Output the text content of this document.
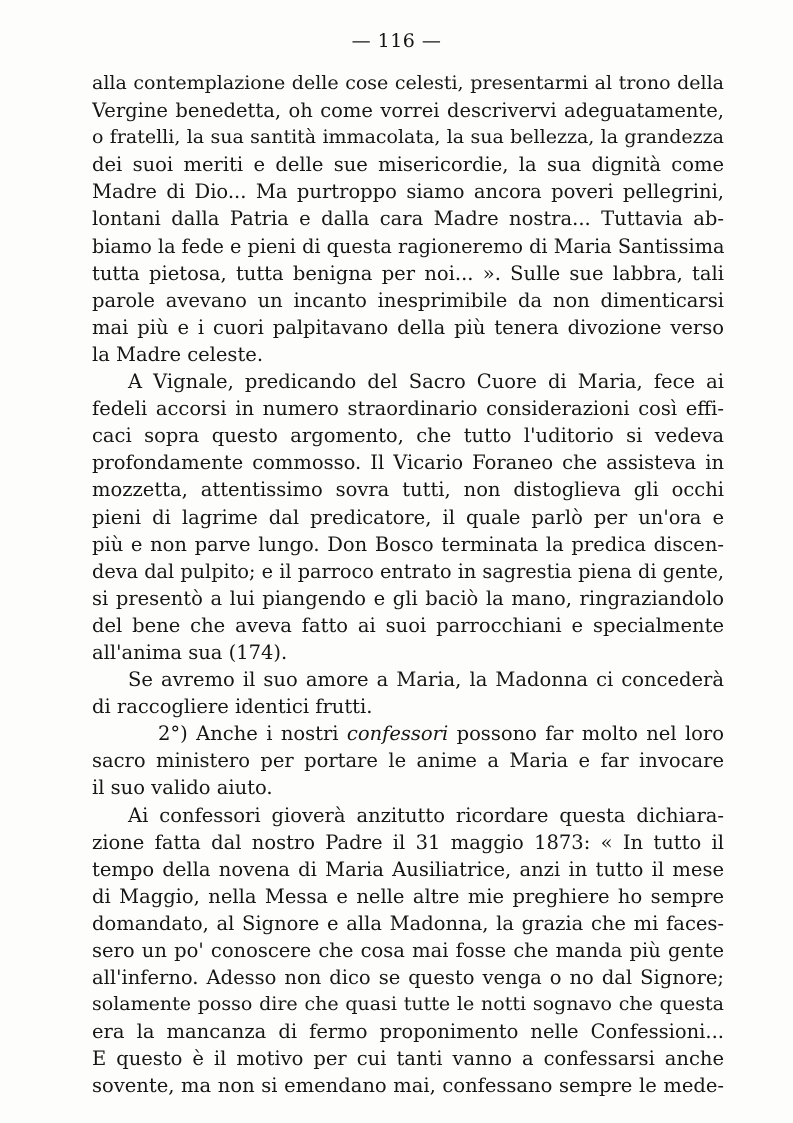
— 116 —
alla contemplazione delle cose celesti, presentarmi al trono della
Vergine benedetta, oh come vorrei descrivervi adeguatamente,
o fratelli, la sua santità immacolata, la sua bellezza, la grandezza
dei suoi meriti e delle sue misericordie, la sua dignità come
Madre di Dio... Ma purtroppo siamo ancora poveri pellegrini,
lontani dalla Patria e dalla cara Madre nostra... Tuttavia ab-
biamo la fede e pieni di questa ragioneremo di Maria Santissima
tutta pietosa, tutta benigna per noi... ». Sulle sue labbra, tali
parole avevano un incanto inesprimibile da non dimenticarsi
mai più e i cuori palpitavano della più tenera divozione verso
la Madre celeste.
A Vignale, predicando del Sacro Cuore di Maria, fece ai
fedeli accorsi in numero straordinario considerazioni così effi-
caci sopra questo argomento, che tutto l'uditorio si vedeva
profondamente commosso. Il Vicario Foraneo che assisteva in
mozzetta, attentissimo sovra tutti, non distoglieva gli occhi
pieni di lagrime dal predicatore, il quale parlò per un'ora e
più e non parve lungo. Don Bosco terminata la predica discen-
deva dal pulpito; e il parroco entrato in sagrestia piena di gente,
si presentò a lui piangendo e gli baciò la mano, ringraziandolo
del bene che aveva fatto ai suoi parrocchiani e specialmente
all'anima sua (174).
Se avremo il suo amore a Maria, la Madonna ci concederà
di raccogliere identici frutti.
2°) Anche i nostri confessori possono far molto nel loro
sacro ministero per portare le anime a Maria e far invocare
il suo valido aiuto.
Ai confessori gioverà anzitutto ricordare questa dichiara-
zione fatta dal nostro Padre il 31 maggio 1873: « In tutto il
tempo della novena di Maria Ausiliatrice, anzi in tutto il mese
di Maggio, nella Messa e nelle altre mie preghiere ho sempre
domandato, al Signore e alla Madonna, la grazia che mi faces-
sero un po' conoscere che cosa mai fosse che manda più gente
all'inferno. Adesso non dico se questo venga o no dal Signore;
solamente posso dire che quasi tutte le notti sognavo che questa
era la mancanza di fermo proponimento nelle Confessioni...
E questo è il motivo per cui tanti vanno a confessarsi anche
sovente, ma non si emendano mai, confessano sempre le mede-
